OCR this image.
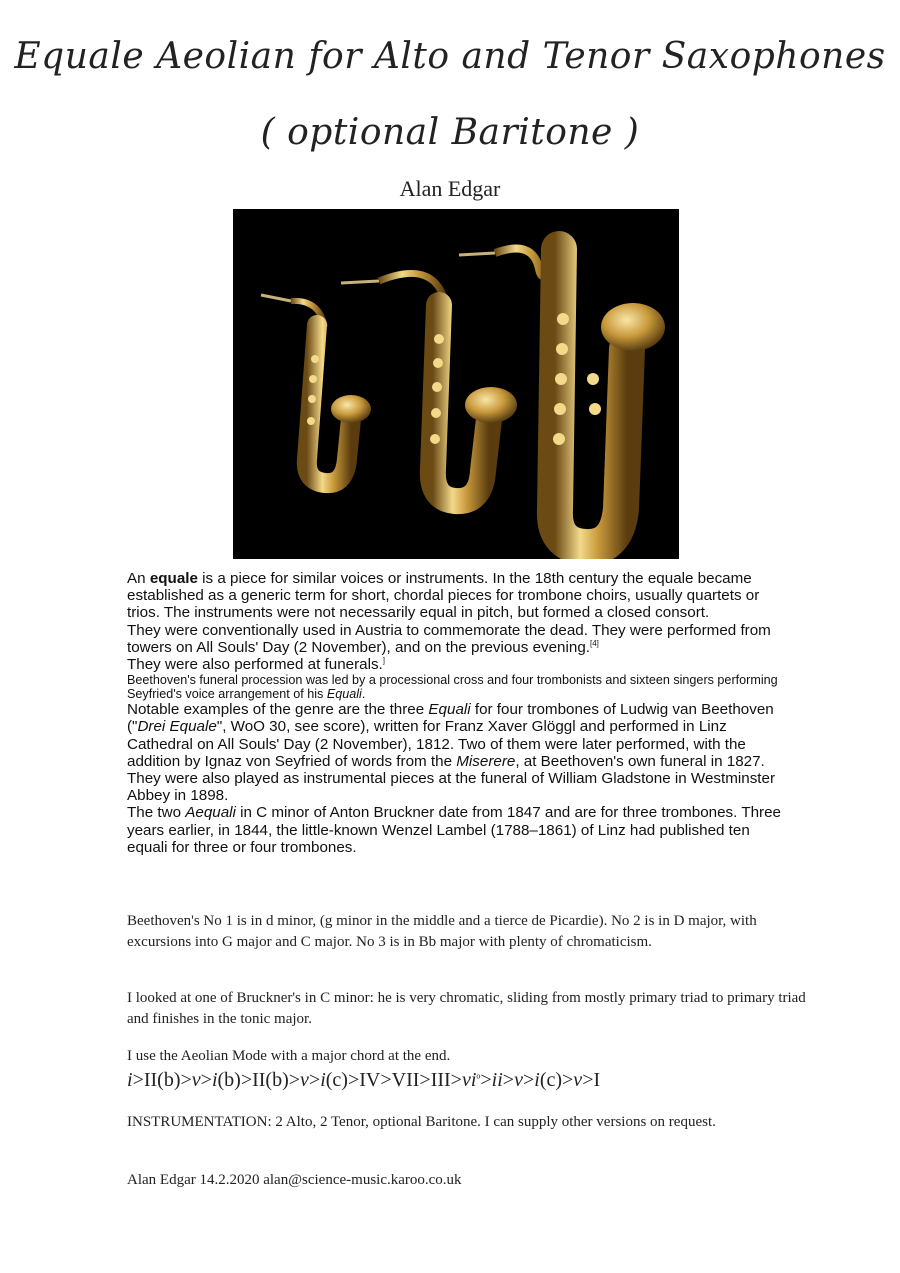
Equale Aeolian for Alto and Tenor Saxophones
( optional Baritone )
Alan Edgar

An equale is a piece for similar voices or instruments. In the 18th century the equale became established as a generic term for short, chordal pieces for trombone choirs, usually quartets or trios. The instruments were not necessarily equal in pitch, but formed a closed consort.

They were conventionally used in Austria to commemorate the dead. They were performed from towers on All Souls' Day (2 November), and on the previous evening.[4]
They were also performed at funerals.]

Beethoven's funeral procession was led by a processional cross and four trombonists and sixteen singers performing Seyfried's voice arrangement of his Equali.

Notable examples of the genre are the three Equali for four trombones of Ludwig van Beethoven ("Drei Equale", WoO 30, see score), written for Franz Xaver Glöggl and performed in Linz Cathedral on All Souls' Day (2 November), 1812. Two of them were later performed, with the addition by Ignaz von Seyfried of words from the Miserere, at Beethoven's own funeral in 1827. They were also played as instrumental pieces at the funeral of William Gladstone in Westminster Abbey in 1898.

The two Aequali in C minor of Anton Bruckner date from 1847 and are for three trombones. Three years earlier, in 1844, the little-known Wenzel Lambel (1788–1861) of Linz had published ten equali for three or four trombones.

Beethoven's No 1 is in d minor, (g minor in the middle and a tierce de Picardie). No 2 is in D major, with excursions into G major and C major. No 3 is in Bb major with plenty of chromaticism.

I looked at one of Bruckner's in C minor: he is very chromatic, sliding from mostly primary triad to primary triad and finishes in the tonic major.

I use the Aeolian Mode with a major chord at the end.

$i>II(b)>v>i(b)>II(b)>v>i(c)>IV>VII>III>vi^o>ii>v>i(c)>v>I$

INSTRUMENTATION: 2 Alto, 2 Tenor, optional Baritone. I can supply other versions on request.

Alan Edgar 14.2.2020 alan@science-music.karoo.co.uk
